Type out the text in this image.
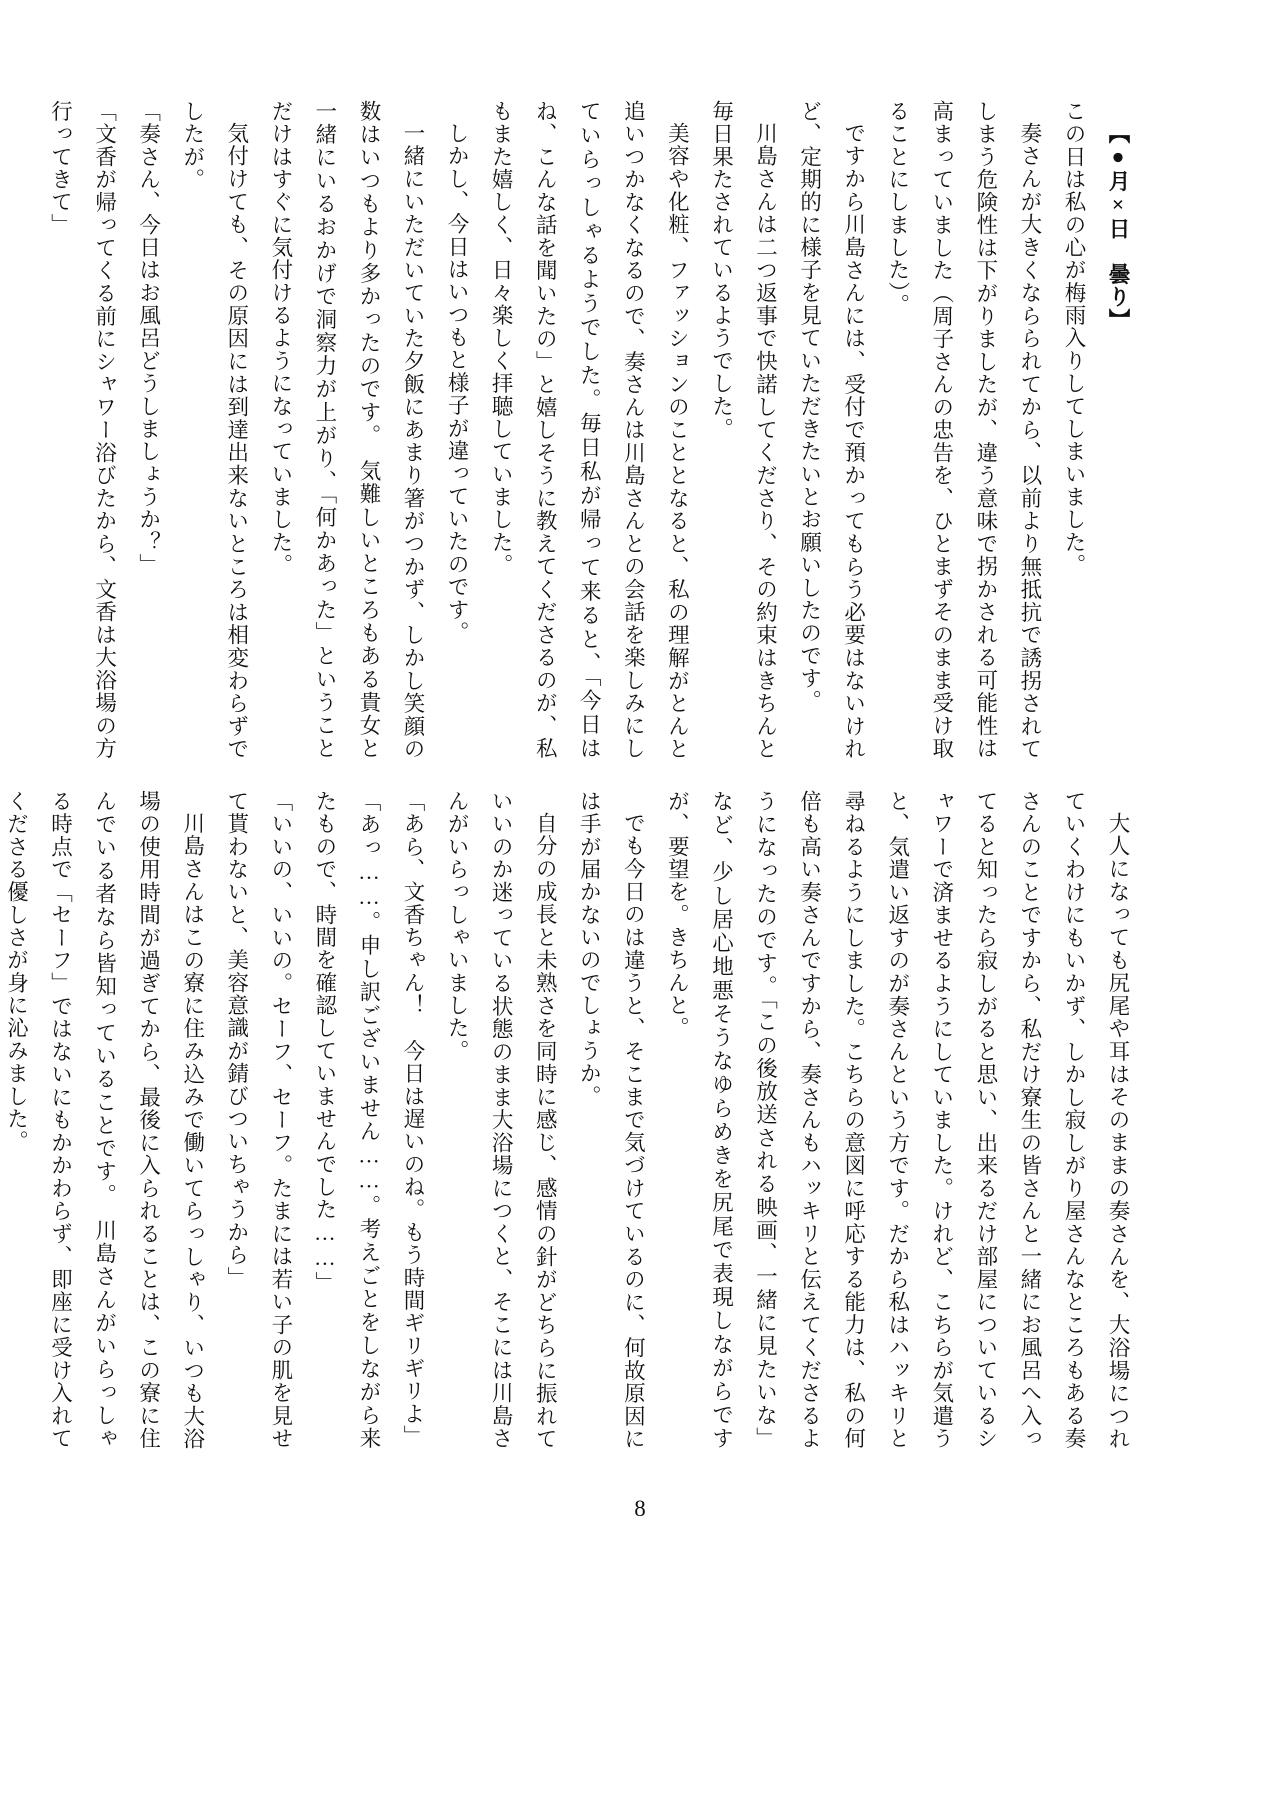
【●月×日　曇り】

この日は私の心が梅雨入りしてしまいました。

奏さんが大きくならられてから、以前より無抵抗で誘拐されてしまう危険性は下がりましたが、違う意味で拐かされる可能性は高まっていました（周子さんの忠告を、ひとまずそのまま受け取ることにしました）。

ですから川島さんには、受付で預かってもらう必要はないけれど、定期的に様子を見ていただきたいとお願いしたのです。

川島さんは二つ返事で快諾してくださり、その約束はきちんと毎日果たされているようでした。

美容や化粧、ファッションのこととなると、私の理解がとんと追いつかなくなるので、奏さんは川島さんとの会話を楽しみにしていらっしゃるようでした。毎日私が帰って来ると、「今日はね、こんな話を聞いたの」と嬉しそうに教えてくださるのが、私もまた嬉しく、日々楽しく拝聴していました。

しかし、今日はいつもと様子が違っていたのです。

一緒にいただいていた夕飯にあまり箸がつかず、しかし笑顔の数はいつもより多かったのです。　気難しいところもある貴女と一緒にいるおかげで洞察力が上がり、「何かあった」ということだけはすぐに気付けるようになっていました。

気付けても、その原因には到達出来ないところは相変わらずでしたが。

「奏さん、今日はお風呂どうしましょうか？」

「文香が帰ってくる前にシャワー浴びたから、文香は大浴場の方行ってきて」

大人になっても尻尾や耳はそのままの奏さんを、大浴場につれていくわけにもいかず、しかし寂しがり屋さんなところもある奏さんのことですから、私だけ寮生の皆さんと一緒にお風呂へ入ってると知ったら寂しがると思い、出来るだけ部屋についているシャワーで済ませるようにしていました。けれど、こちらが気遣うと、気遣い返すのが奏さんという方です。だから私はハッキリと尋ねるようにしました。こちらの意図に呼応する能力は、私の何倍も高い奏さんですから、奏さんもハッキリと伝えてくださるようになったのです。「この後放送される映画、一緒に見たいな」など、少し居心地悪そうなゆらめきを尻尾で表現しながらですが、要望を。きちんと。

でも今日のは違うと、そこまで気づけているのに、何故原因には手が届かないのでしょうか。

自分の成長と未熟さを同時に感じ、感情の針がどちらに振れていいのか迷っている状態のまま大浴場につくと、そこには川島さんがいらっしゃいました。

「あら、文香ちゃん！　今日は遅いのね。もう時間ギリギリよ」

「あっ……。申し訳ございません……。考えごとをしながら来たもので、時間を確認していませんでした……」

「いいの、いいの。セーフ、セーフ。たまには若い子の肌を見せて貰わないと、美容意識が錆びついちゃうから」

川島さんはこの寮に住み込みで働いてらっしゃり、いつも大浴場の使用時間が過ぎてから、最後に入られることは、この寮に住んでいる者なら皆知っていることです。　川島さんがいらっしゃる時点で「セーフ」ではないにもかかわらず、即座に受け入れてくださる優しさが身に沁みました。

8
